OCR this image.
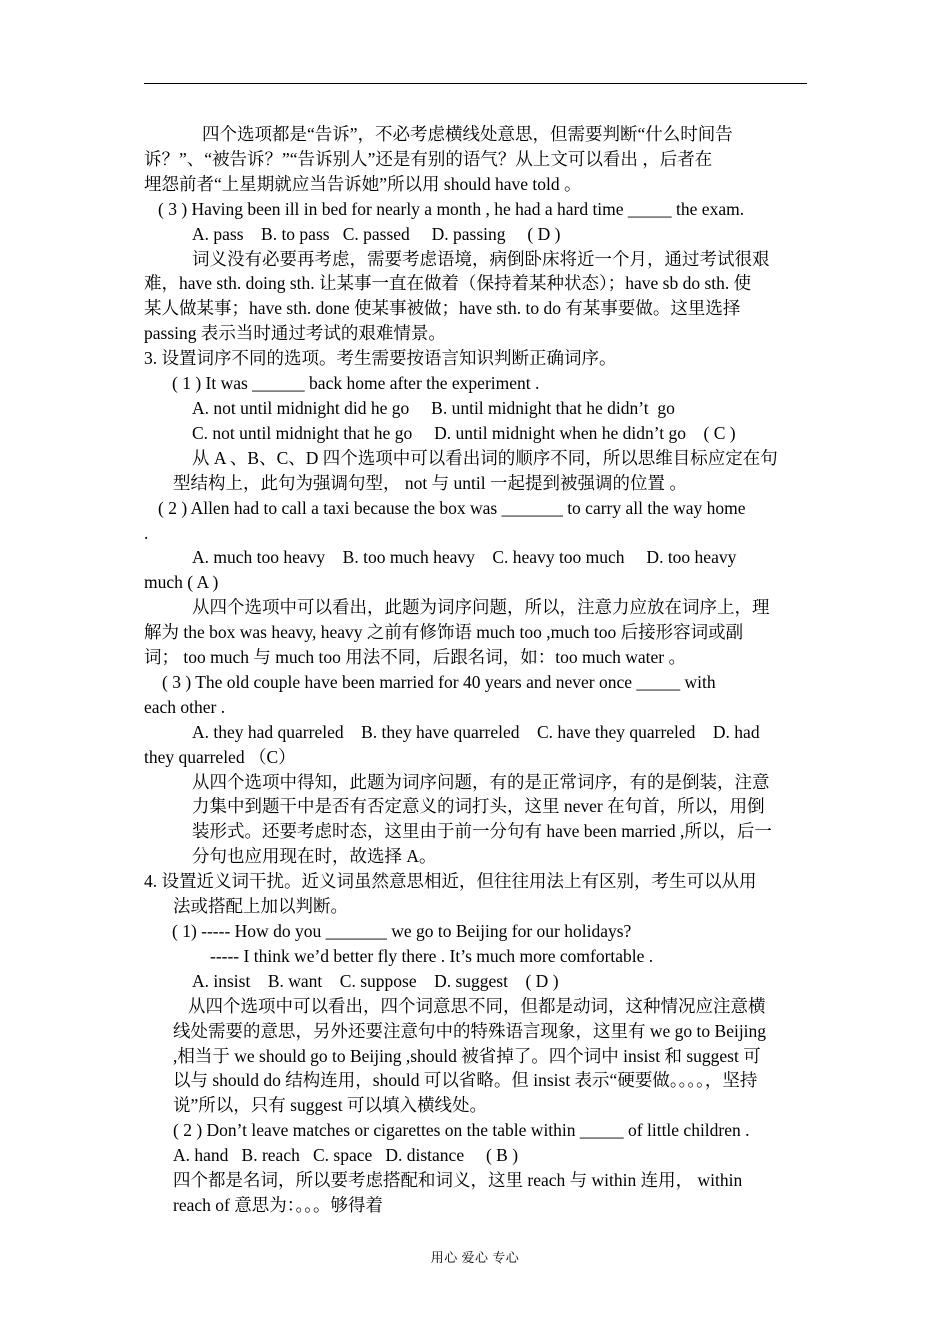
四个选项都是“告诉”，不必考虑横线处意思，但需要判断“什么时间告

诉？”、“被告诉？”“告诉别人”还是有别的语气？从上文可以看出 ，后者在

埋怨前者“上星期就应当告诉她”所以用 should have told 。

( 3 ) Having been ill in bed for nearly a month , he had a hard time _____ the exam.

A. pass    B. to pass   C. passed     D. passing     ( D )

词义没有必要再考虑，需要考虑语境，病倒卧床将近一个月，通过考试很艰

难，have sth. doing sth. 让某事一直在做着（保持着某种状态）；have sb do sth. 使

某人做某事；have sth. done 使某事被做；have sth. to do 有某事要做。这里选择

passing 表示当时通过考试的艰难情景。

3. 设置词序不同的选项。考生需要按语言知识判断正确词序。

( 1 ) It was ______ back home after the experiment .

A. not until midnight did he go     B. until midnight that he didn’t  go

C. not until midnight that he go     D. until midnight when he didn’t go    ( C )

从 A 、B、C、D 四个选项中可以看出词的顺序不同，所以思维目标应定在句

型结构上，此句为强调句型， not 与 until 一起提到被强调的位置 。

( 2 ) Allen had to call a taxi because the box was _______ to carry all the way home

.

A. much too heavy    B. too much heavy    C. heavy too much     D. too heavy

much ( A )

从四个选项中可以看出，此题为词序问题，所以，注意力应放在词序上，理

解为 the box was heavy, heavy 之前有修饰语 much too ,much too 后接形容词或副

词； too much 与 much too 用法不同，后跟名词，如：too much water 。

( 3 ) The old couple have been married for 40 years and never once _____ with

each other .

A. they had quarreled    B. they have quarreled    C. have they quarreled    D. had

they quarreled （C）

从四个选项中得知，此题为词序问题，有的是正常词序，有的是倒装，注意

力集中到题干中是否有否定意义的词打头，这里 never 在句首，所以，用倒

装形式。还要考虑时态，这里由于前一分句有 have been married ,所以，后一

分句也应用现在时，故选择 A。

4. 设置近义词干扰。近义词虽然意思相近，但往往用法上有区别，考生可以从用

法或搭配上加以判断。

( 1) ----- How do you _______ we go to Beijing for our holidays?

----- I think we’d better fly there . It’s much more comfortable .

A. insist    B. want    C. suppose    D. suggest    ( D )

从四个选项中可以看出，四个词意思不同，但都是动词，这种情况应注意横

线处需要的意思，另外还要注意句中的特殊语言现象，这里有 we go to Beijing

,相当于 we should go to Beijing ,should 被省掉了。四个词中 insist 和 suggest 可

以与 should do 结构连用，should 可以省略。但 insist 表示“硬要做。。。。，坚持

说”所以，只有 suggest 可以填入横线处。

( 2 ) Don’t leave matches or cigarettes on the table within _____ of little children .

A. hand   B. reach   C. space   D. distance     ( B )

四个都是名词，所以要考虑搭配和词义，这里 reach 与 within 连用， within

reach of 意思为：。。。够得着

用心 爱心 专心
